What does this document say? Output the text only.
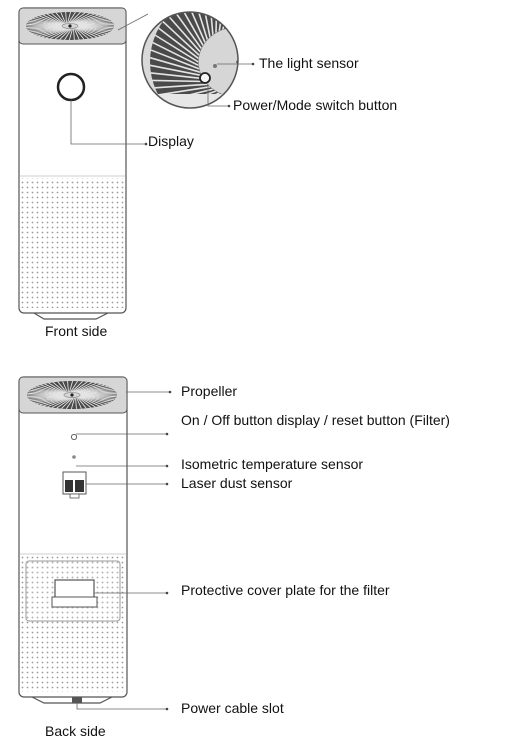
The light sensor
Power/Mode switch button
Display
Front side
Propeller
On / Off button display / reset button (Filter)
Isometric temperature sensor
Laser dust sensor
Protective cover plate for the filter
Power cable slot
Back side
